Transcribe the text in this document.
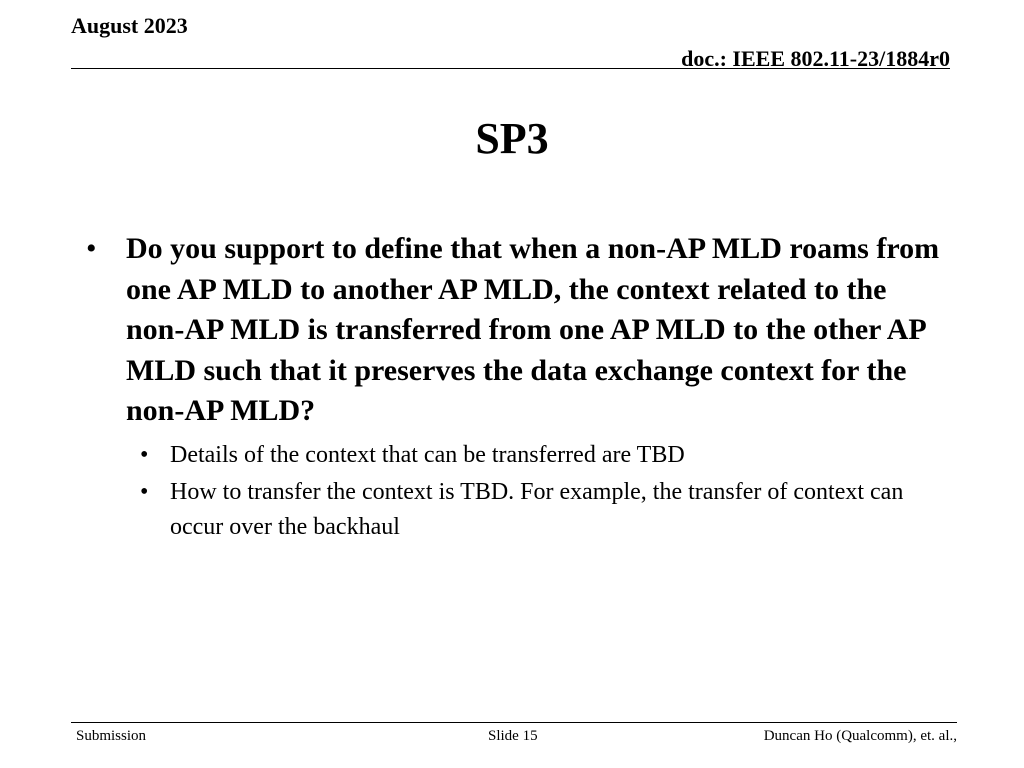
August 2023
doc.: IEEE 802.11-23/1884r0
SP3
• Do you support to define that when a non-AP MLD roams from one AP MLD to another AP MLD, the context related to the non-AP MLD is transferred from one AP MLD to the other AP MLD such that it preserves the data exchange context for the non-AP MLD?
• Details of the context that can be transferred are TBD
• How to transfer the context is TBD. For example, the transfer of context can occur over the backhaul
Submission	Slide 15	Duncan Ho (Qualcomm), et. al.,
